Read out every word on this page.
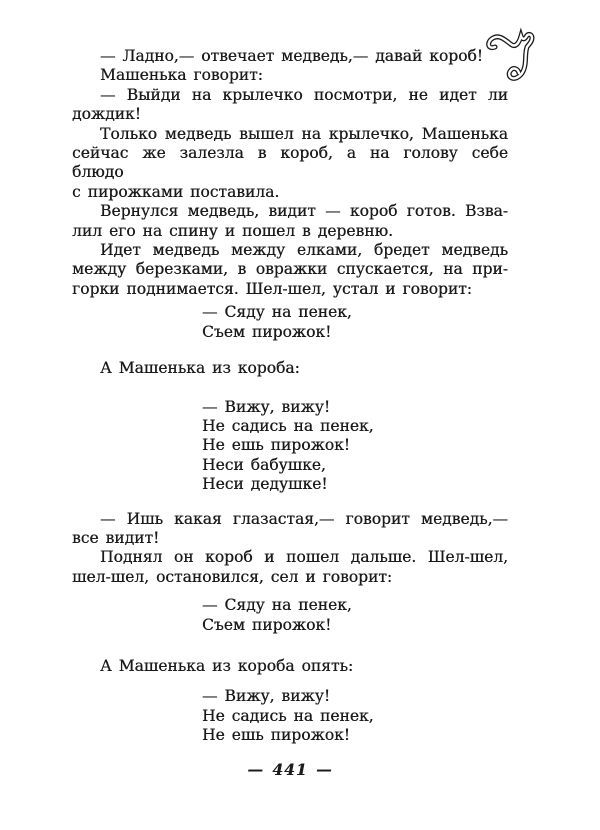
— Ладно,— отвечает медведь,— давай короб!
Машенька говорит:
— Выйди на крылечко посмотри, не идет ли
дождик!
Только медведь вышел на крылечко, Машенька
сейчас же залезла в короб, а на голову себе блюдо
с пирожками поставила.
Вернулся медведь, видит — короб готов. Взва-
лил его на спину и пошел в деревню.
Идет медведь между елками, бредет медведь
между березками, в овражки спускается, на при-
горки поднимается. Шел-шел, устал и говорит:
— Сяду на пенек,
Съем пирожок!
А Машенька из короба:
— Вижу, вижу!
Не садись на пенек,
Не ешь пирожок!
Неси бабушке,
Неси дедушке!
— Ишь какая глазастая,— говорит медведь,—
все видит!
Поднял он короб и пошел дальше. Шел-шел,
шел-шел, остановился, сел и говорит:
— Сяду на пенек,
Съем пирожок!
А Машенька из короба опять:
— Вижу, вижу!
Не садись на пенек,
Не ешь пирожок!
— 441 —
